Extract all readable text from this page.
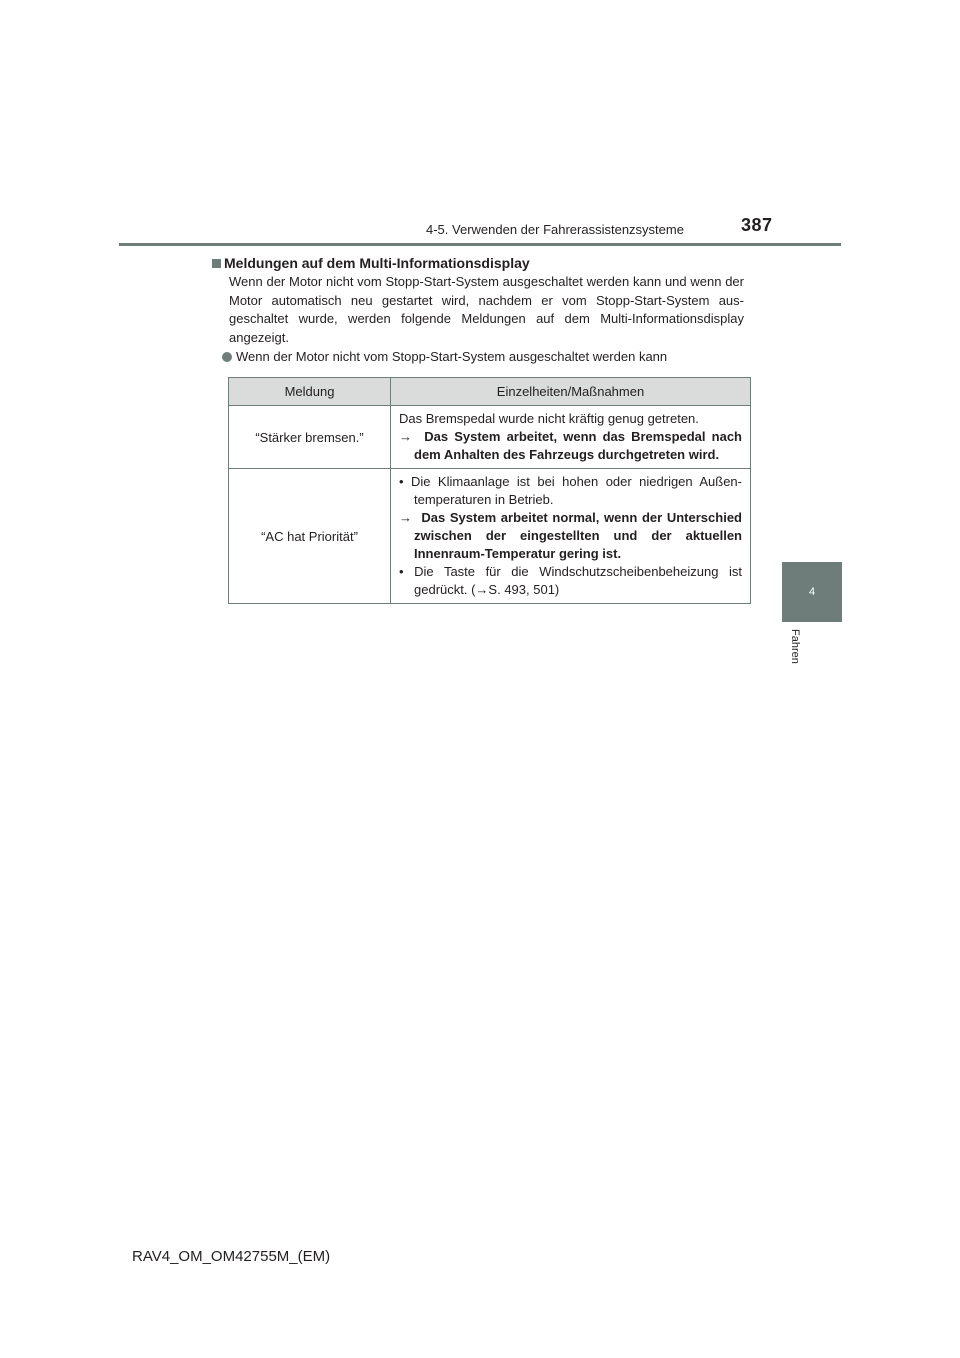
4-5. Verwenden der Fahrerassistenzsysteme	387
4
Fahren
Meldungen auf dem Multi-Informationsdisplay
Wenn der Motor nicht vom Stopp-Start-System ausgeschaltet werden kann und wenn der Motor automatisch neu gestartet wird, nachdem er vom Stopp-Start-System aus-geschaltet wurde, werden folgende Meldungen auf dem Multi-Informationsdisplay angezeigt.
Wenn der Motor nicht vom Stopp-Start-System ausgeschaltet werden kann
Meldung	Einzelheiten/Maßnahmen
“Stärker bremsen.”	Das Bremspedal wurde nicht kräftig genug getreten.

→ Das System arbeitet, wenn das Bremspedal nach dem Anhalten des Fahrzeugs durchgetreten wird.

“AC hat Priorität”	• Die Klimaanlage ist bei hohen oder niedrigen Außen-temperaturen in Betrieb.

→ Das System arbeitet normal, wenn der Unterschied zwischen der eingestellten und der aktuellen Innenraum-Temperatur gering ist.

• Die Taste für die Windschutzscheibenbeheizung ist gedrückt. (→S. 493, 501)

RAV4_OM_OM42755M_(EM)
